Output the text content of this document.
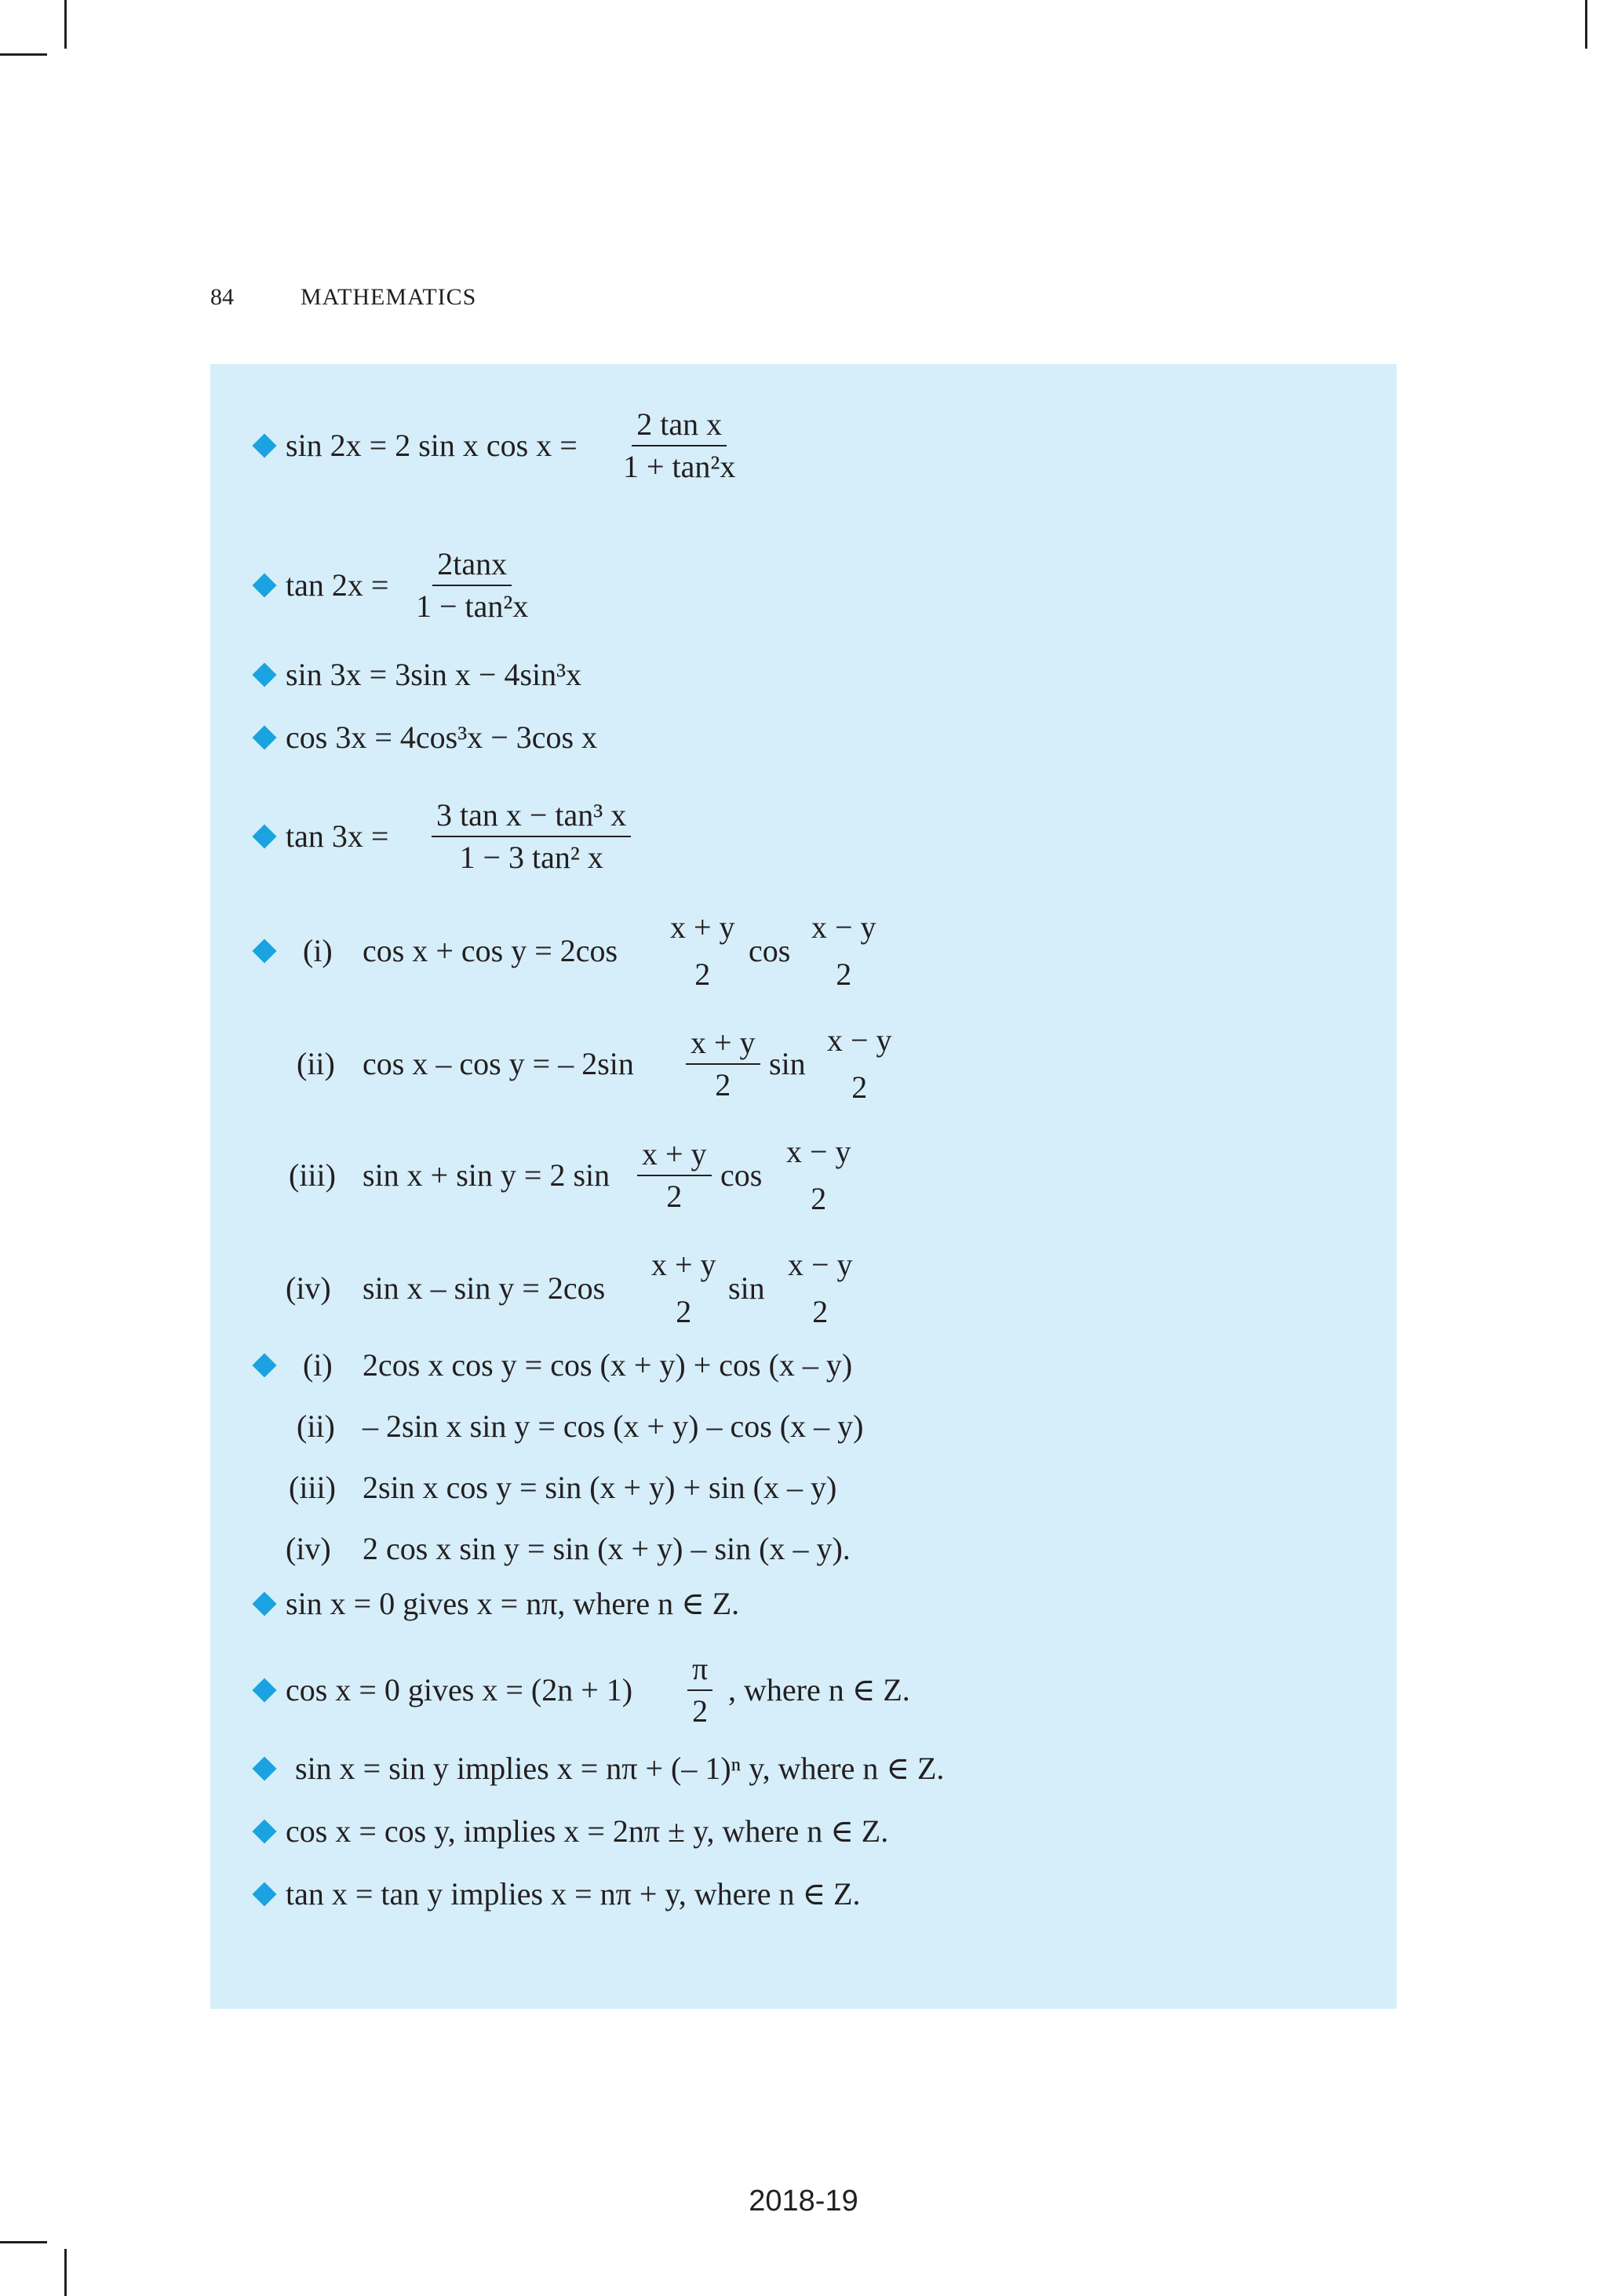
84	MATHEMATICS
sin 2x = 2 sin x $\cos x = \frac{\text{2 tan x}}{\text{1 + tan²x}}$
$\tan 2x = \frac{2\tan x}{\text{1 − tan²x}}$
sin 3x = 3sin x − 4sin³x
cos 3x = 4cos³x − 3cos x
$\tan 3x = \frac{\text{3 tan x − tan³ x}}{\text{1 − 3 tan² x}}$
(i) cos x + cos y = 2cos
x + y
2
cos
x − y
2
(ii) cos x – cos y = – $2\sin \frac{x + y}{2}$ sin
x − y
2
(iii) sin x + sin y = 2 $\sin \frac{x + y}{2}$ cos
x − y
2
(iv) sin x – sin y = 2cos
x + y
2
sin
x − y
2
(i) 2cos x cos y = cos (x + y) + cos (x – y)
(ii) – 2sin x sin y = cos (x + y) – cos (x – y)
(iii) 2sin x cos y = sin (x + y) + sin (x – y)
(iv) 2 cos x sin y = sin (x + y) – sin (x – y).
sin x = 0 gives x = nπ, where n ∈ Z.
cos x = 0 gives $x = (2n + 1) \frac{\pi}{2}$ , where n ∈ Z.
sin x = sin y implies x = nπ + (– 1)ⁿ y, where n ∈ Z.
cos x = cos y, implies x = 2nπ ± y, where n ∈ Z.
tan x = tan y implies x = nπ + y, where n ∈ Z.
2018-19
